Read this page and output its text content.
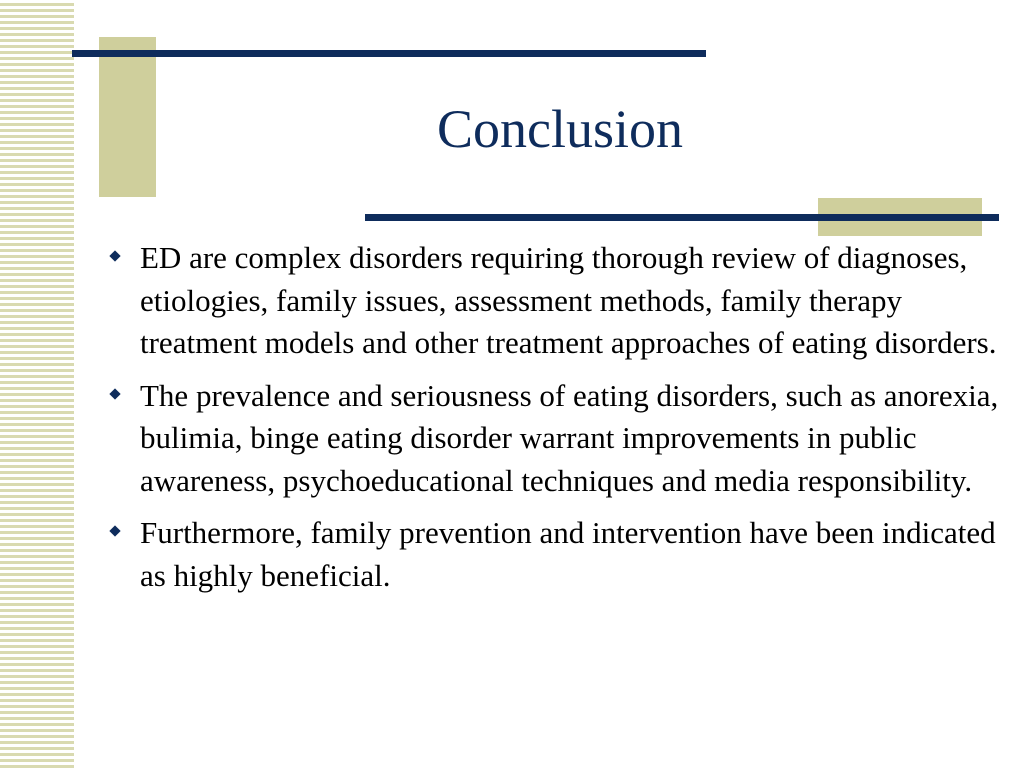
Conclusion
ED are complex disorders requiring thorough review of diagnoses, etiologies, family issues, assessment methods, family therapy treatment models and other treatment approaches of eating disorders.
The prevalence and seriousness of eating disorders, such as anorexia, bulimia, binge eating disorder warrant improvements in public awareness, psychoeducational techniques and media responsibility.
Furthermore, family prevention and intervention have been indicated as highly beneficial.
